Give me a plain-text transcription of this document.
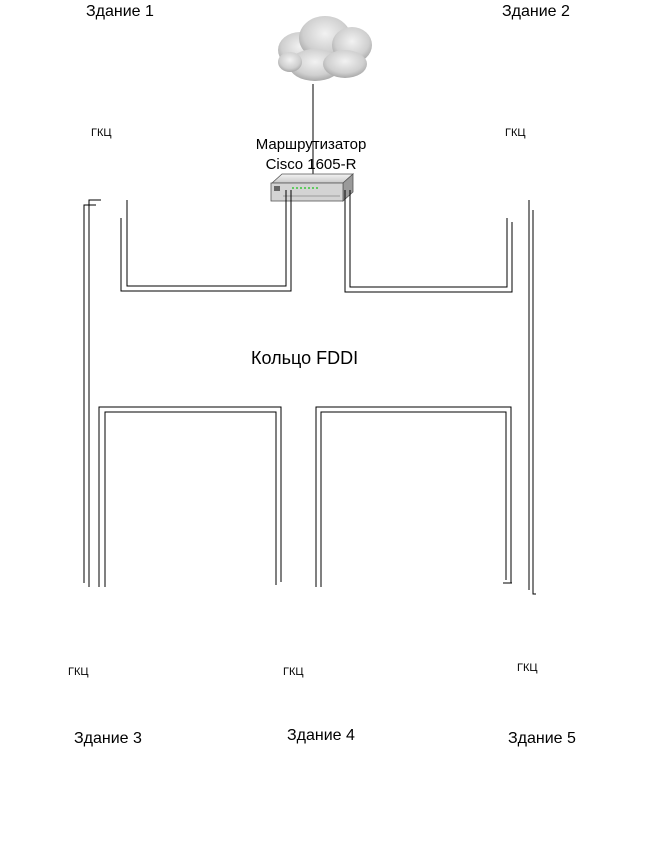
Здание 1	Здание 2
Здание 3	Здание 4	Здание 5
ГКЦ	ГКЦ
ГКЦ	ГКЦ	ГКЦ
Маршрутизатор
Cisco 1605-R
Кольцо FDDI
